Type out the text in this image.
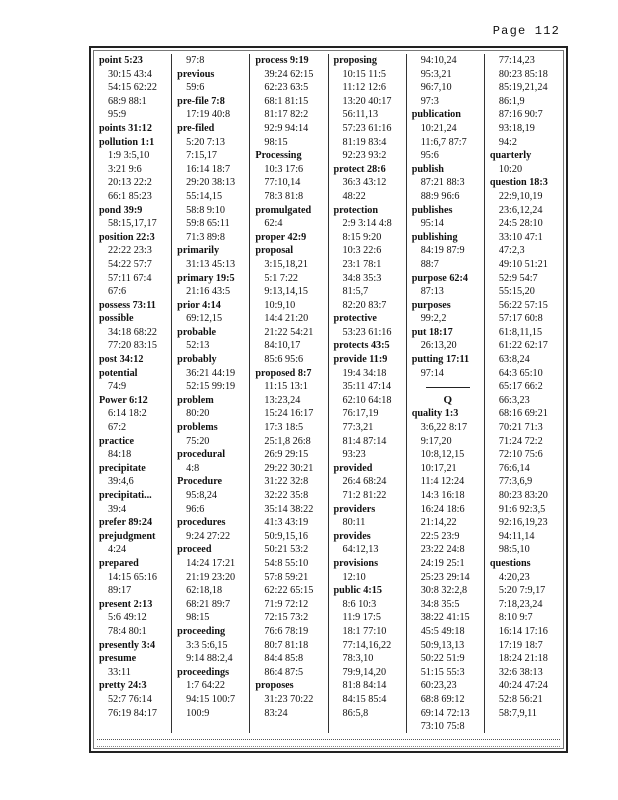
Page 112
point 5:23
30:15 43:4
54:15 62:22
68:9 88:1
95:9
points 31:12
pollution 1:1
1:9 3:5,10
3:21 9:6
20:13 22:2
66:1 85:23
pond 39:9
58:15,17,17
position 22:3
22:22 23:3
54:22 57:7
57:11 67:4
67:6
possess 73:11
possible
34:18 68:22
77:20 83:15
post 34:12
potential
74:9
Power 6:12
6:14 18:2
67:2
practice
84:18
precipitate
39:4,6
precipitati...
39:4
prefer 89:24
prejudgment
4:24
prepared
14:15 65:16
89:17
present 2:13
5:6 49:12
78:4 80:1
presently 3:4
presume
33:11
pretty 24:3
52:7 76:14
76:19 84:17
97:8
previous
59:6
pre-file 7:8
17:19 40:8
pre-filed
5:20 7:13
7:15,17
16:14 18:7
29:20 38:13
55:14,15
58:8 9:10
59:8 65:11
71:3 89:8
primarily
31:13 45:13
primary 19:5
21:16 43:5
prior 4:14
69:12,15
probable
52:13
probably
36:21 44:19
52:15 99:19
problem
80:20
problems
75:20
procedural
4:8
Procedure
95:8,24
96:6
procedures
9:24 27:22
proceed
14:24 17:21
21:19 23:20
62:18,18
68:21 89:7
98:15
proceeding
3:3 5:6,15
9:14 88:2,4
proceedings
1:7 64:22
94:15 100:7
100:9
process 9:19
39:24 62:15
62:23 63:5
68:1 81:15
81:17 82:2
92:9 94:14
98:15
Processing
10:3 17:6
77:10,14
78:3 81:8
promulgated
62:4
proper 42:9
proposal
3:15,18,21
5:1 7:22
9:13,14,15
10:9,10
14:4 21:20
21:22 54:21
84:10,17
85:6 95:6
proposed 8:7
11:15 13:1
13:23,24
15:24 16:17
17:3 18:5
25:1,8 26:8
26:9 29:15
29:22 30:21
31:22 32:8
32:22 35:8
35:14 38:22
41:3 43:19
50:9,15,16
50:21 53:2
54:8 55:10
57:8 59:21
62:22 65:15
71:9 72:12
72:15 73:2
76:6 78:19
80:7 81:18
84:4 85:8
86:4 87:5
proposes
31:23 70:22
83:24
proposing
10:15 11:5
11:12 12:6
13:20 40:17
56:11,13
57:23 61:16
81:19 83:4
92:23 93:2
protect 28:6
36:3 43:12
48:22
protection
2:9 3:14 4:8
8:15 9:20
10:3 22:6
23:1 78:1
34:8 35:3
81:5,7
82:20 83:7
protective
53:23 61:16
protects 43:5
provide 11:9
19:4 34:18
35:11 47:14
62:10 64:18
76:17,19
77:3,21
81:4 87:14
93:23
provided
26:4 68:24
71:2 81:22
providers
80:11
provides
64:12,13
provisions
12:10
public 4:15
8:6 10:3
11:9 17:5
18:1 77:10
77:14,16,22
78:3,10
79:9,14,20
81:8 84:14
84:15 85:4
86:5,8
94:10,24
95:3,21
96:7,10
97:3
publication
10:21,24
11:6,7 87:7
95:6
publish
87:21 88:3
88:9 96:6
publishes
95:14
publishing
84:19 87:9
88:7
purpose 62:4
87:13
purposes
99:2,2
put 18:17
26:13,20
putting 17:11
97:14
Q
quality 1:3
3:6,22 8:17
9:17,20
10:8,12,15
10:17,21
11:4 12:24
14:3 16:18
16:24 18:6
21:14,22
22:5 23:9
23:22 24:8
24:19 25:1
25:23 29:14
30:8 32:2,8
34:8 35:5
38:22 41:15
45:5 49:18
50:9,13,13
50:22 51:9
51:15 55:3
60:23,23
68:8 69:12
69:14 72:13
73:10 75:8
77:14,23
80:23 85:18
85:19,21,24
86:1,9
87:16 90:7
93:18,19
94:2
quarterly
10:20
question 18:3
22:9,10,19
23:6,12,24
24:5 28:10
33:10 47:1
47:2,3
49:10 51:21
52:9 54:7
55:15,20
56:22 57:15
57:17 60:8
61:8,11,15
61:22 62:17
63:8,24
64:3 65:10
65:17 66:2
66:3,23
68:16 69:21
70:21 71:3
71:24 72:2
72:10 75:6
76:6,14
77:3,6,9
80:23 83:20
91:6 92:3,5
92:16,19,23
94:11,14
98:5,10
questions
4:20,23
5:20 7:9,17
7:18,23,24
8:10 9:7
16:14 17:16
17:19 18:7
18:24 21:18
32:6 38:13
40:24 47:24
52:8 56:21
58:7,9,11
